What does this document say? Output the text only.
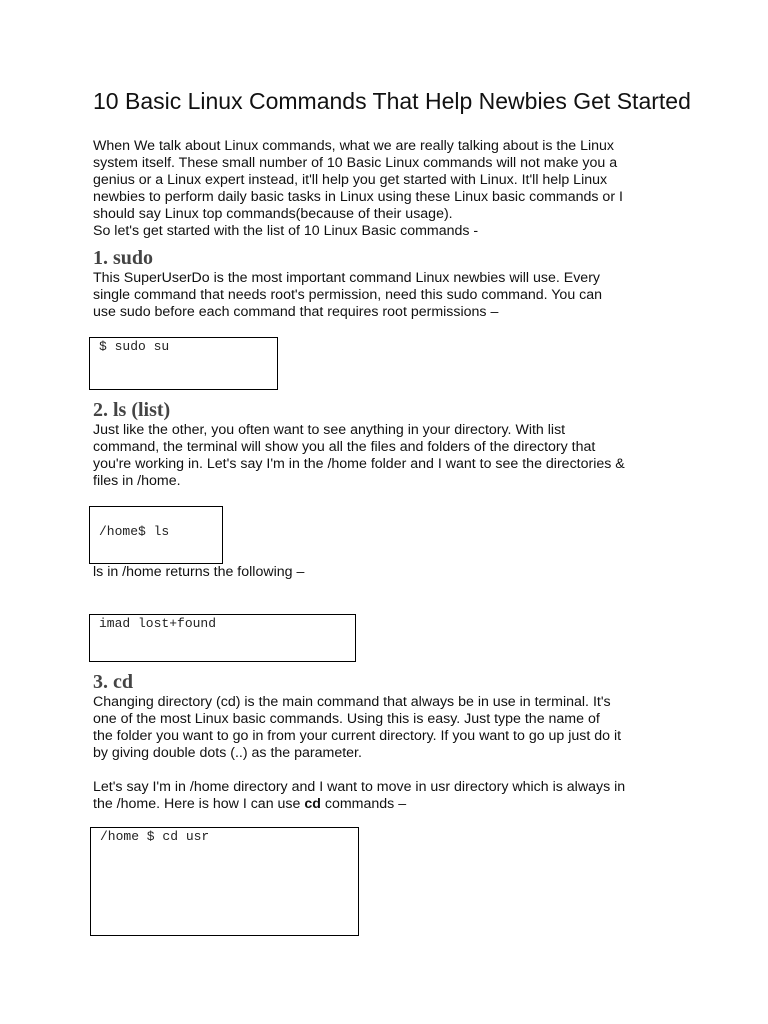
10 Basic Linux Commands That Help Newbies Get Started
When We talk about Linux commands, what we are really talking about is the Linux
system itself. These small number of 10 Basic Linux commands will not make you a
genius or a Linux expert instead, it'll help you get started with Linux. It'll help Linux
newbies to perform daily basic tasks in Linux using these Linux basic commands or I
should say Linux top commands(because of their usage).
So let's get started with the list of 10 Linux Basic commands -
1. sudo
This SuperUserDo is the most important command Linux newbies will use. Every
single command that needs root's permission, need this sudo command. You can
use sudo before each command that requires root permissions –
$ sudo su
2. ls (list)
Just like the other, you often want to see anything in your directory. With list
command, the terminal will show you all the files and folders of the directory that
you're working in. Let's say I'm in the /home folder and I want to see the directories &
files in /home.
/home$ ls
ls in /home returns the following –
imad lost+found
3. cd
Changing directory (cd) is the main command that always be in use in terminal. It's
one of the most Linux basic commands. Using this is easy. Just type the name of
the folder you want to go in from your current directory. If you want to go up just do it
by giving double dots (..) as the parameter.
Let's say I'm in /home directory and I want to move in usr directory which is always in
the /home. Here is how I can use cd commands –
/home $ cd usr
